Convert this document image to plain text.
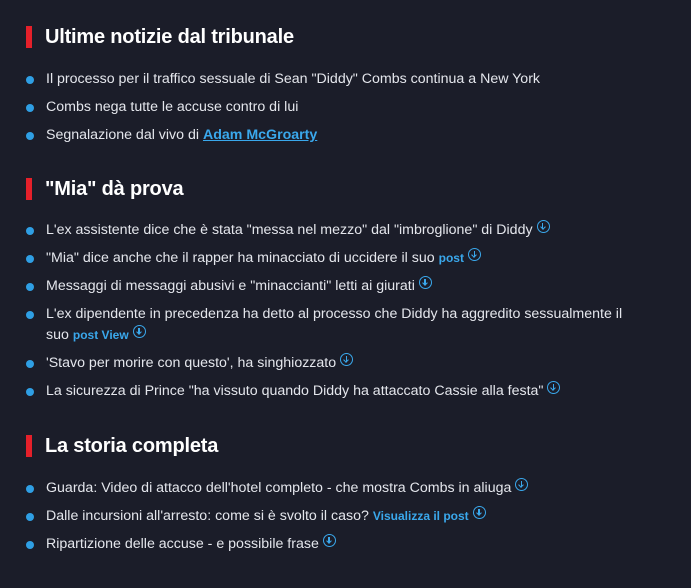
Ultime notizie dal tribunale
Il processo per il traffico sessuale di Sean "Diddy" Combs continua a New York
Combs nega tutte le accuse contro di lui
Segnalazione dal vivo di Adam McGroarty
"Mia" dà prova
L'ex assistente dice che è stata "messa nel mezzo" dal "imbroglione" di Diddy
"Mia" dice anche che il rapper ha minacciato di uccidere il suo post
Messaggi di messaggi abusivi e "minaccianti" letti ai giurati
L'ex dipendente in precedenza ha detto al processo che Diddy ha aggredito sessualmente il suo post View
'Stavo per morire con questo', ha singhiozzato
La sicurezza di Prince "ha vissuto quando Diddy ha attaccato Cassie alla festa"
La storia completa
Guarda: Video di attacco dell'hotel completo - che mostra Combs in aliuga
Dalle incursioni all'arresto: come si è svolto il caso? Visualizza il post
Ripartizione delle accuse - e possibile frase
